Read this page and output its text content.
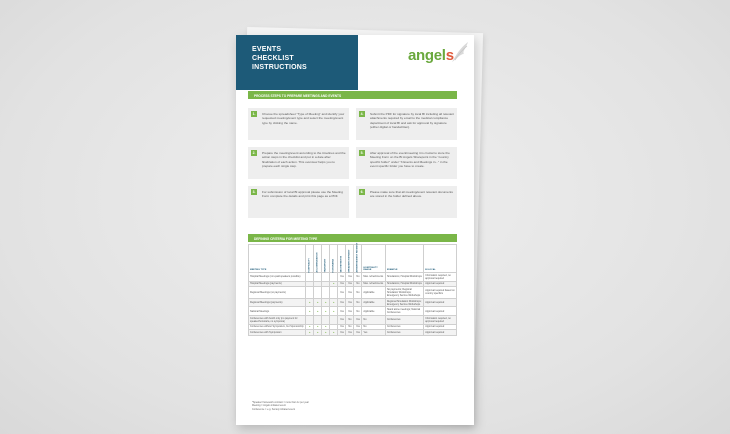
EVENTS
CHECKLIST
INSTRUCTIONS
angels
PROCESS STEPS TO PREPARE MEETINGS AND EVENTS
1.	Choose the spreadsheet "Type of Meeting" and identify your requested meeting/event type and select the meeting/event type by clicking the name.
2.	Prepare the meeting/event according to the timelines and the action steps in the checklist and put in a date after finalization of each action. This overview helps you to prepare each single step.
3.	For submission of local BI approval please use the Meeting Form complete the details and print this page as a PDF.
4.	Submit the PDF for signature by local BI including all relevant attachments required by email to the medical compliance department of local BI and ask for approval by signature (either digital or handwritten).
5.	After approval of the event/meeting it is crucial to store the Meeting Form on the BI Angels Sharepoint in the "country specific folder" under "3 Events and Meetings in..." in the event specific folder you have to create.
6.	Please make sure that all meeting/event relevant documents are stored in the folder defined above.
DEFINING CRITERIA FOR MEETING TYPE
MEETING TYPE	HOSPITALITY	ACCOMMODATION	TRANSPORT	HONORARIA	TAX PAYMENTS	SPEAKERS PAYMENT	ADVERTISEMENT PAYMENT	HOSPITALITY RANGE	EXAMPLE	BI LOCAL
Hospital Meetings (non-paid speakers possible)					Yes	Yes	No	Max. refreshments	Simulations; Hospital Workshops	Information required, no approval required
Hospital Meetings (payments)				●	Yes	Yes	No	Max. refreshments	Simulations; Hospital Workshops	Approval required
Regional Meetings (no payments)					Yes	Yes	No	Applicable	No payments; Regional Simulation Workshops; Emergency Service Workshops	Approval required based on country specifics
Regional Meetings (payments)	●	●	●	●	Yes	Yes	No	Applicable	Regional Simulation Workshops; Emergency Service Workshops	Approval required
National Meetings	●	●	●	●	Yes	Yes	No	Applicable	Stand alone meetings; National Conferences	Approval required
Conferences with booth only (no payment for speaker/honoraria, no symposia)					Yes	No	Yes	No	Conferences	Information required, no approval required
Conferences without Symposium, but Sponsorship	●	●	●		Yes	No	Yes	No	Conferences	Approval required
Conferences with Symposium	●	●	●	●	Yes	Yes	Yes	Yes	Conferences	Approval required
*Speaker framework contract = more than 1x per year
Meeting = Angels initiated event
Conference = e.g. Society initiated event
